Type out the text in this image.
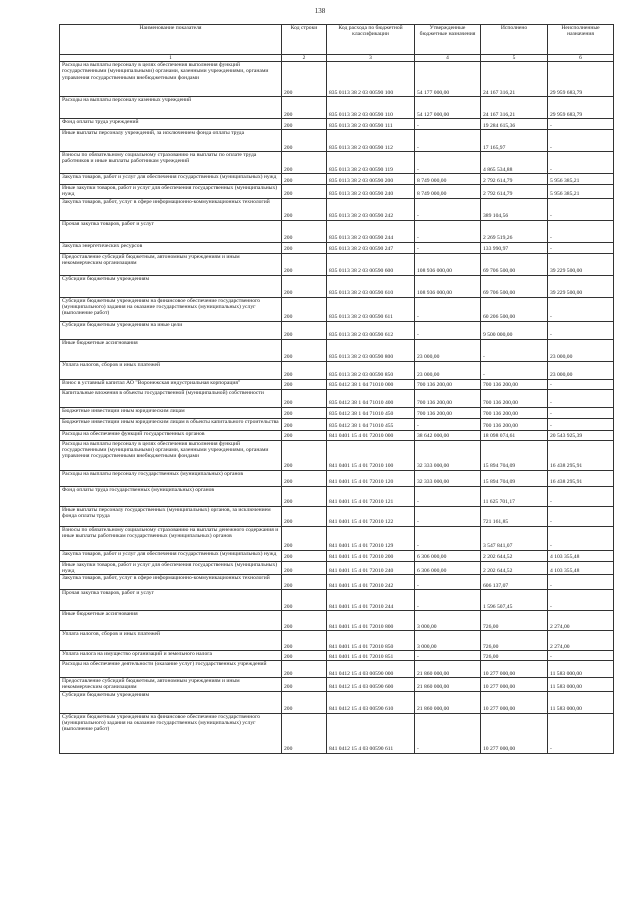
138
Наименование показателя	Код строки	Код расхода по бюджетной классификации	Утвержденные бюджетные назначения	Исполнено	Неисполненные назначения
1	2	3	4	5	6
Расходы на выплаты персоналу в целях обеспечения выполнения функций государственными (муниципальными) органами, казенными учреждениями, органами управления государственными внебюджетными фондами	200	835 0113 38 2 03 00590 100	54 177 000,00	24 167 316,21	29 959 683,79
Расходы на выплаты персоналу казенных учреждений	200	835 0113 38 2 03 00590 110	54 127 000,00	24 167 316,21	29 959 683,79
Фонд оплаты труда учреждений	200	835 0113 38 2 03 00590 111	-	19 284 615,36	-
Иные выплаты персоналу учреждений, за исключением фонда оплаты труда	200	835 0113 38 2 03 00590 112	-	17 165,97	-
Взносы по обязательному социальному страхованию на выплаты по оплате труда работников и иные выплаты работникам учреждений	200	835 0113 38 2 03 00590 119	-	4 865 534,88	-
Закупка товаров, работ и услуг для обеспечения государственных (муниципальных) нужд	200	835 0113 38 2 03 00590 200	8 749 000,00	2 792 614,79	5 956 385,21
Иные закупки товаров, работ и услуг для обеспечения государственных (муниципальных) нужд	200	835 0113 38 2 03 00590 240	8 749 000,00	2 792 614,79	5 956 385,21
Закупка товаров, работ, услуг в сфере информационно-коммуникационных технологий	200	835 0113 38 2 03 00590 242	-	389 104,56	-
Прочая закупка товаров, работ и услуг	200	835 0113 38 2 03 00590 244	-	2 269 519,26	-
Закупка энергетических ресурсов	200	835 0113 38 2 03 00590 247	-	133 990,97	-
Предоставление субсидий бюджетным, автономным учреждениям и иным некоммерческим организациям	200	835 0113 38 2 03 00590 600	108 936 000,00	69 706 500,00	39 229 500,00
Субсидии бюджетным учреждениям	200	835 0113 38 2 03 00590 610	108 936 000,00	69 706 500,00	39 229 500,00
Субсидии бюджетным учреждениям на финансовое обеспечение государственного (муниципального) задания на оказание государственных (муниципальных) услуг (выполнение работ)	200	835 0113 38 2 03 00590 611	-	60 206 500,00	-
Субсидии бюджетным учреждениям на иные цели	200	835 0113 38 2 03 00590 612	-	9 500 000,00	-
Иные бюджетные ассигнования	200	835 0113 38 2 03 00590 800	23 000,00	-	23 000,00
Уплата налогов, сборов и иных платежей	200	835 0113 38 2 03 00590 850	23 000,00	-	23 000,00
Взнос в уставный капитал АО "Воронежская индустриальная корпорация"	200	835 0412 38 1 04 71010 000	700 136 200,00	700 136 200,00	-
Капитальные вложения в объекты государственной (муниципальной) собственности	200	835 0412 38 1 04 71010 400	700 136 200,00	700 136 200,00	-
Бюджетные инвестиции иным юридическим лицам	200	835 0412 38 1 04 71010 450	700 136 200,00	700 136 200,00	-
Бюджетные инвестиции иным юридическим лицам в объекты капитального строительства	200	835 0412 38 1 04 71010 455	-	700 136 200,00	-
Расходы на обеспечение функций государственных органов	200	841 0401 15 4 01 72010 000	38 642 000,00	18 098 074,61	20 543 925,39
Расходы на выплаты персоналу в целях обеспечения выполнения функций государственными (муниципальными) органами, казенными учреждениями, органами управления государственными внебюджетными фондами	200	841 0401 15 4 01 72010 100	32 333 000,00	15 894 704,09	16 438 295,91
Расходы на выплаты персоналу государственных (муниципальных) органов	200	841 0401 15 4 01 72010 120	32 333 000,00	15 894 704,09	16 438 295,91
Фонд оплаты труда государственных (муниципальных) органов	200	841 0401 15 4 01 72010 121	-	11 625 701,17	-
Иные выплаты персоналу государственных (муниципальных) органов, за исключением фонда оплаты труда	200	841 0401 15 4 01 72010 122	-	721 161,85	-
Взносы по обязательному социальному страхованию на выплаты денежного содержания и иные выплаты работникам государственных (муниципальных) органов	200	841 0401 15 4 01 72010 129	-	3 547 841,07	-
Закупка товаров, работ и услуг для обеспечения государственных (муниципальных) нужд	200	841 0401 15 4 01 72010 200	6 306 000,00	2 202 644,52	4 103 355,48
Иные закупки товаров, работ и услуг для обеспечения государственных (муниципальных) нужд	200	841 0401 15 4 01 72010 240	6 306 000,00	2 202 644,52	4 103 355,48
Закупка товаров, работ, услуг в сфере информационно-коммуникационных технологий	200	841 0401 15 4 01 72010 242	-	606 137,07	-
Прочая закупка товаров, работ и услуг	200	841 0401 15 4 01 72010 244	-	1 596 507,45	-
Иные бюджетные ассигнования	200	841 0401 15 4 01 72010 800	3 000,00	726,00	2 274,00
Уплата налогов, сборов и иных платежей	200	841 0401 15 4 01 72010 850	3 000,00	726,00	2 274,00
Уплата налога на имущество организаций и земельного налога	200	841 0401 15 4 01 72010 851	-	726,00	-
Расходы на обеспечение деятельности (оказание услуг) государственных учреждений	200	841 0412 15 4 03 00590 000	21 860 000,00	10 277 000,00	11 583 000,00
Предоставление субсидий бюджетным, автономным учреждениям и иным некоммерческим организациям	200	841 0412 15 4 03 00590 600	21 860 000,00	10 277 000,00	11 583 000,00
Субсидии бюджетным учреждениям	200	841 0412 15 4 03 00590 610	21 860 000,00	10 277 000,00	11 583 000,00
Субсидии бюджетным учреждениям на финансовое обеспечение государственного (муниципального) задания на оказание государственных (муниципальных) услуг (выполнение работ)	200	841 0412 15 4 03 00590 611	-	10 277 000,00	-
